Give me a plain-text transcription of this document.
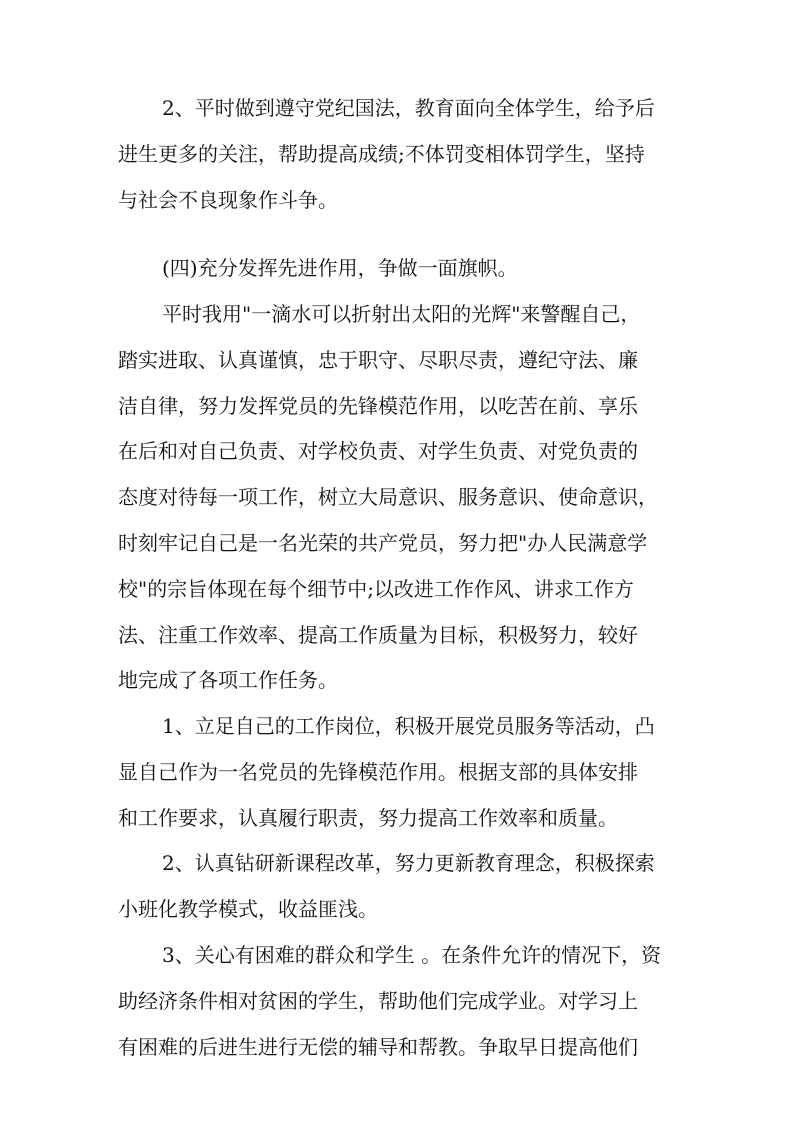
2、平时做到遵守党纪国法，教育面向全体学生，给予后
进生更多的关注，帮助提高成绩;不体罚变相体罚学生，坚持
与社会不良现象作斗争。

(四)充分发挥先进作用，争做一面旗帜。

平时我用"一滴水可以折射出太阳的光辉"来警醒自己，
踏实进取、认真谨慎，忠于职守、尽职尽责，遵纪守法、廉
洁自律，努力发挥党员的先锋模范作用，以吃苦在前、享乐
在后和对自己负责、对学校负责、对学生负责、对党负责的
态度对待每一项工作，树立大局意识、服务意识、使命意识，
时刻牢记自己是一名光荣的共产党员，努力把"办人民满意学
校"的宗旨体现在每个细节中;以改进工作作风、讲求工作方
法、注重工作效率、提高工作质量为目标，积极努力，较好
地完成了各项工作任务。

1、立足自己的工作岗位，积极开展党员服务等活动，凸
显自己作为一名党员的先锋模范作用。根据支部的具体安排
和工作要求，认真履行职责，努力提高工作效率和质量。

2、认真钻研新课程改革，努力更新教育理念，积极探索
小班化教学模式，收益匪浅。

3、关心有困难的群众和学生 。在条件允许的情况下，资
助经济条件相对贫困的学生，帮助他们完成学业。对学习上
有困难的后进生进行无偿的辅导和帮教。争取早日提高他们
